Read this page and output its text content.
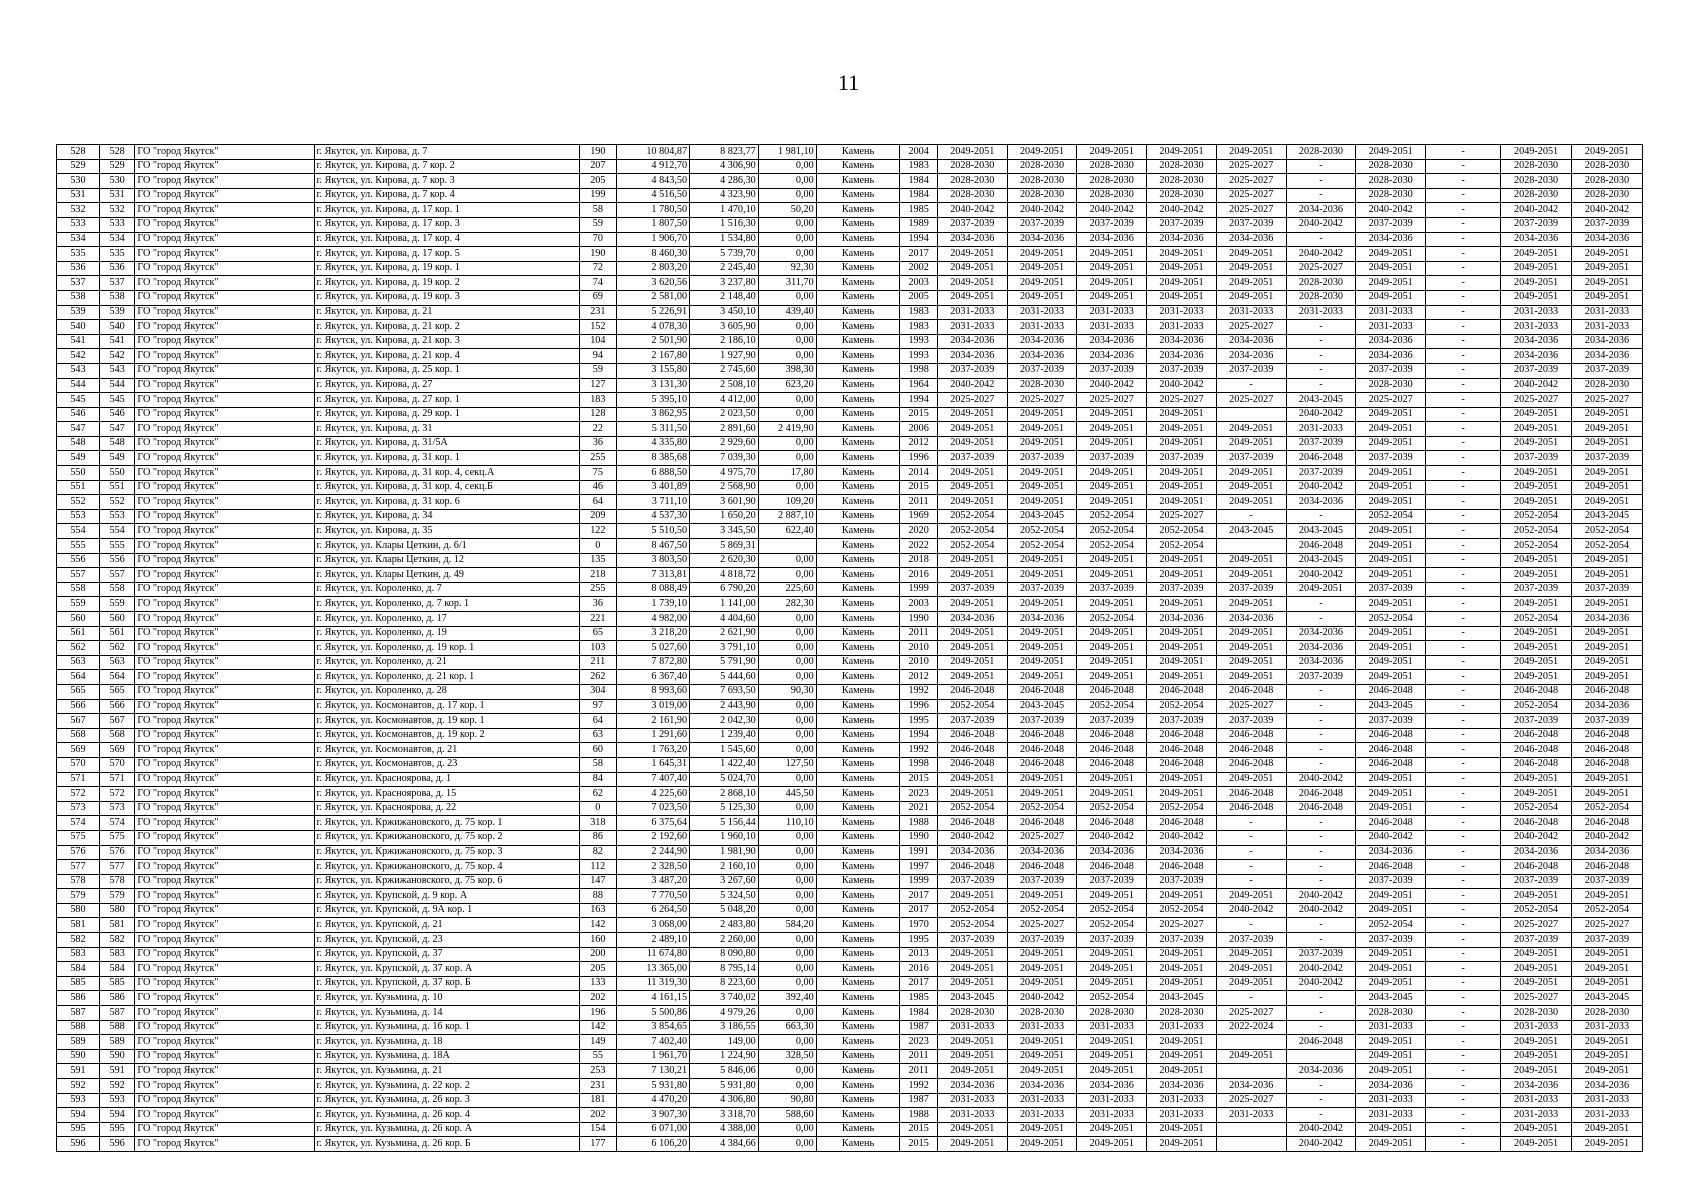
11
528	528	ГО "город Якутск"	г. Якутск, ул. Кирова, д. 7	190	10 804,87	8 823,77	1 981,10	Камень	2004	2049-2051	2049-2051	2049-2051	2049-2051	2049-2051	2028-2030	2049-2051	-	2049-2051	2049-2051
529	529	ГО "город Якутск"	г. Якутск, ул. Кирова, д. 7 кор. 2	207	4 912,70	4 306,90	0,00	Камень	1983	2028-2030	2028-2030	2028-2030	2028-2030	2025-2027	-	2028-2030	-	2028-2030	2028-2030
530	530	ГО "город Якутск"	г. Якутск, ул. Кирова, д. 7 кор. 3	205	4 843,50	4 286,30	0,00	Камень	1984	2028-2030	2028-2030	2028-2030	2028-2030	2025-2027	-	2028-2030	-	2028-2030	2028-2030
531	531	ГО "город Якутск"	г. Якутск, ул. Кирова, д. 7 кор. 4	199	4 516,50	4 323,90	0,00	Камень	1984	2028-2030	2028-2030	2028-2030	2028-2030	2025-2027	-	2028-2030	-	2028-2030	2028-2030
532	532	ГО "город Якутск"	г. Якутск, ул. Кирова, д. 17 кор. 1	58	1 780,50	1 470,10	50,20	Камень	1985	2040-2042	2040-2042	2040-2042	2040-2042	2025-2027	2034-2036	2040-2042	-	2040-2042	2040-2042
533	533	ГО "город Якутск"	г. Якутск, ул. Кирова, д. 17 кор. 3	59	1 807,50	1 516,30	0,00	Камень	1989	2037-2039	2037-2039	2037-2039	2037-2039	2037-2039	2040-2042	2037-2039	-	2037-2039	2037-2039
534	534	ГО "город Якутск"	г. Якутск, ул. Кирова, д. 17 кор. 4	70	1 906,70	1 534,80	0,00	Камень	1994	2034-2036	2034-2036	2034-2036	2034-2036	2034-2036	-	2034-2036	-	2034-2036	2034-2036
535	535	ГО "город Якутск"	г. Якутск, ул. Кирова, д. 17 кор. 5	190	8 460,30	5 739,70	0,00	Камень	2017	2049-2051	2049-2051	2049-2051	2049-2051	2049-2051	2040-2042	2049-2051	-	2049-2051	2049-2051
536	536	ГО "город Якутск"	г. Якутск, ул. Кирова, д. 19 кор. 1	72	2 803,20	2 245,40	92,30	Камень	2002	2049-2051	2049-2051	2049-2051	2049-2051	2049-2051	2025-2027	2049-2051	-	2049-2051	2049-2051
537	537	ГО "город Якутск"	г. Якутск, ул. Кирова, д. 19 кор. 2	74	3 620,56	3 237,80	311,70	Камень	2003	2049-2051	2049-2051	2049-2051	2049-2051	2049-2051	2028-2030	2049-2051	-	2049-2051	2049-2051
538	538	ГО "город Якутск"	г. Якутск, ул. Кирова, д. 19 кор. 3	69	2 581,00	2 148,40	0,00	Камень	2005	2049-2051	2049-2051	2049-2051	2049-2051	2049-2051	2028-2030	2049-2051	-	2049-2051	2049-2051
539	539	ГО "город Якутск"	г. Якутск, ул. Кирова, д. 21	231	5 226,91	3 450,10	439,40	Камень	1983	2031-2033	2031-2033	2031-2033	2031-2033	2031-2033	2031-2033	2031-2033	-	2031-2033	2031-2033
540	540	ГО "город Якутск"	г. Якутск, ул. Кирова, д. 21 кор. 2	152	4 078,30	3 605,90	0,00	Камень	1983	2031-2033	2031-2033	2031-2033	2031-2033	2025-2027	-	2031-2033	-	2031-2033	2031-2033
541	541	ГО "город Якутск"	г. Якутск, ул. Кирова, д. 21 кор. 3	104	2 501,90	2 186,10	0,00	Камень	1993	2034-2036	2034-2036	2034-2036	2034-2036	2034-2036	-	2034-2036	-	2034-2036	2034-2036
542	542	ГО "город Якутск"	г. Якутск, ул. Кирова, д. 21 кор. 4	94	2 167,80	1 927,90	0,00	Камень	1993	2034-2036	2034-2036	2034-2036	2034-2036	2034-2036	-	2034-2036	-	2034-2036	2034-2036
543	543	ГО "город Якутск"	г. Якутск, ул. Кирова, д. 25 кор. 1	59	3 155,80	2 745,60	398,30	Камень	1998	2037-2039	2037-2039	2037-2039	2037-2039	2037-2039	-	2037-2039	-	2037-2039	2037-2039
544	544	ГО "город Якутск"	г. Якутск, ул. Кирова, д. 27	127	3 131,30	2 508,10	623,20	Камень	1964	2040-2042	2028-2030	2040-2042	2040-2042	-	-	2028-2030	-	2040-2042	2028-2030
545	545	ГО "город Якутск"	г. Якутск, ул. Кирова, д. 27 кор. 1	183	5 395,10	4 412,00	0,00	Камень	1994	2025-2027	2025-2027	2025-2027	2025-2027	2025-2027	2043-2045	2025-2027	-	2025-2027	2025-2027
546	546	ГО "город Якутск"	г. Якутск, ул. Кирова, д. 29 кор. 1	128	3 862,95	2 023,50	0,00	Камень	2015	2049-2051	2049-2051	2049-2051	2049-2051		2040-2042	2049-2051	-	2049-2051	2049-2051
547	547	ГО "город Якутск"	г. Якутск, ул. Кирова, д. 31	22	5 311,50	2 891,60	2 419,90	Камень	2006	2049-2051	2049-2051	2049-2051	2049-2051	2049-2051	2031-2033	2049-2051	-	2049-2051	2049-2051
548	548	ГО "город Якутск"	г. Якутск, ул. Кирова, д. 31/5А	36	4 335,80	2 929,60	0,00	Камень	2012	2049-2051	2049-2051	2049-2051	2049-2051	2049-2051	2037-2039	2049-2051	-	2049-2051	2049-2051
549	549	ГО "город Якутск"	г. Якутск, ул. Кирова, д. 31 кор. 1	255	8 385,68	7 039,30	0,00	Камень	1996	2037-2039	2037-2039	2037-2039	2037-2039	2037-2039	2046-2048	2037-2039	-	2037-2039	2037-2039
550	550	ГО "город Якутск"	г. Якутск, ул. Кирова, д. 31 кор. 4, секц.А	75	6 888,50	4 975,70	17,80	Камень	2014	2049-2051	2049-2051	2049-2051	2049-2051	2049-2051	2037-2039	2049-2051	-	2049-2051	2049-2051
551	551	ГО "город Якутск"	г. Якутск, ул. Кирова, д. 31 кор. 4, секц.Б	46	3 401,89	2 568,90	0,00	Камень	2015	2049-2051	2049-2051	2049-2051	2049-2051	2049-2051	2040-2042	2049-2051	-	2049-2051	2049-2051
552	552	ГО "город Якутск"	г. Якутск, ул. Кирова, д. 31 кор. 6	64	3 711,10	3 601,90	109,20	Камень	2011	2049-2051	2049-2051	2049-2051	2049-2051	2049-2051	2034-2036	2049-2051	-	2049-2051	2049-2051
553	553	ГО "город Якутск"	г. Якутск, ул. Кирова, д. 34	209	4 537,30	1 650,20	2 887,10	Камень	1969	2052-2054	2043-2045	2052-2054	2025-2027	-	-	2052-2054	-	2052-2054	2043-2045
554	554	ГО "город Якутск"	г. Якутск, ул. Кирова, д. 35	122	5 510,50	3 345,50	622,40	Камень	2020	2052-2054	2052-2054	2052-2054	2052-2054	2043-2045	2043-2045	2049-2051	-	2052-2054	2052-2054
555	555	ГО "город Якутск"	г. Якутск, ул. Клары Цеткин, д. 6/1	0	8 467,50	5 869,31		Камень	2022	2052-2054	2052-2054	2052-2054	2052-2054		2046-2048	2049-2051	-	2052-2054	2052-2054
556	556	ГО "город Якутск"	г. Якутск, ул. Клары Цеткин, д. 12	135	3 803,50	2 620,30	0,00	Камень	2018	2049-2051	2049-2051	2049-2051	2049-2051	2049-2051	2043-2045	2049-2051	-	2049-2051	2049-2051
557	557	ГО "город Якутск"	г. Якутск, ул. Клары Цеткин, д. 49	218	7 313,81	4 818,72	0,00	Камень	2016	2049-2051	2049-2051	2049-2051	2049-2051	2049-2051	2040-2042	2049-2051	-	2049-2051	2049-2051
558	558	ГО "город Якутск"	г. Якутск, ул. Короленко, д. 7	255	8 088,49	6 790,20	225,60	Камень	1999	2037-2039	2037-2039	2037-2039	2037-2039	2037-2039	2049-2051	2037-2039	-	2037-2039	2037-2039
559	559	ГО "город Якутск"	г. Якутск, ул. Короленко, д. 7 кор. 1	36	1 739,10	1 141,00	282,30	Камень	2003	2049-2051	2049-2051	2049-2051	2049-2051	2049-2051	-	2049-2051	-	2049-2051	2049-2051
560	560	ГО "город Якутск"	г. Якутск, ул. Короленко, д. 17	221	4 982,00	4 404,60	0,00	Камень	1990	2034-2036	2034-2036	2052-2054	2034-2036	2034-2036	-	2052-2054	-	2052-2054	2034-2036
561	561	ГО "город Якутск"	г. Якутск, ул. Короленко, д. 19	65	3 218,20	2 621,90	0,00	Камень	2011	2049-2051	2049-2051	2049-2051	2049-2051	2049-2051	2034-2036	2049-2051	-	2049-2051	2049-2051
562	562	ГО "город Якутск"	г. Якутск, ул. Короленко, д. 19 кор. 1	103	5 027,60	3 791,10	0,00	Камень	2010	2049-2051	2049-2051	2049-2051	2049-2051	2049-2051	2034-2036	2049-2051	-	2049-2051	2049-2051
563	563	ГО "город Якутск"	г. Якутск, ул. Короленко, д. 21	211	7 872,80	5 791,90	0,00	Камень	2010	2049-2051	2049-2051	2049-2051	2049-2051	2049-2051	2034-2036	2049-2051	-	2049-2051	2049-2051
564	564	ГО "город Якутск"	г. Якутск, ул. Короленко, д. 21 кор. 1	262	6 367,40	5 444,60	0,00	Камень	2012	2049-2051	2049-2051	2049-2051	2049-2051	2049-2051	2037-2039	2049-2051	-	2049-2051	2049-2051
565	565	ГО "город Якутск"	г. Якутск, ул. Короленко, д. 28	304	8 993,60	7 693,50	90,30	Камень	1992	2046-2048	2046-2048	2046-2048	2046-2048	2046-2048	-	2046-2048	-	2046-2048	2046-2048
566	566	ГО "город Якутск"	г. Якутск, ул. Космонавтов, д. 17 кор. 1	97	3 019,00	2 443,90	0,00	Камень	1996	2052-2054	2043-2045	2052-2054	2052-2054	2025-2027	-	2043-2045	-	2052-2054	2034-2036
567	567	ГО "город Якутск"	г. Якутск, ул. Космонавтов, д. 19 кор. 1	64	2 161,90	2 042,30	0,00	Камень	1995	2037-2039	2037-2039	2037-2039	2037-2039	2037-2039	-	2037-2039	-	2037-2039	2037-2039
568	568	ГО "город Якутск"	г. Якутск, ул. Космонавтов, д. 19 кор. 2	63	1 291,60	1 239,40	0,00	Камень	1994	2046-2048	2046-2048	2046-2048	2046-2048	2046-2048	-	2046-2048	-	2046-2048	2046-2048
569	569	ГО "город Якутск"	г. Якутск, ул. Космонавтов, д. 21	60	1 763,20	1 545,60	0,00	Камень	1992	2046-2048	2046-2048	2046-2048	2046-2048	2046-2048	-	2046-2048	-	2046-2048	2046-2048
570	570	ГО "город Якутск"	г. Якутск, ул. Космонавтов, д. 23	58	1 645,31	1 422,40	127,50	Камень	1998	2046-2048	2046-2048	2046-2048	2046-2048	2046-2048	-	2046-2048	-	2046-2048	2046-2048
571	571	ГО "город Якутск"	г. Якутск, ул. Красноярова, д. 1	84	7 407,40	5 024,70	0,00	Камень	2015	2049-2051	2049-2051	2049-2051	2049-2051	2049-2051	2040-2042	2049-2051	-	2049-2051	2049-2051
572	572	ГО "город Якутск"	г. Якутск, ул. Красноярова, д. 15	62	4 225,60	2 868,10	445,50	Камень	2023	2049-2051	2049-2051	2049-2051	2049-2051	2046-2048	2046-2048	2049-2051	-	2049-2051	2049-2051
573	573	ГО "город Якутск"	г. Якутск, ул. Красноярова, д. 22	0	7 023,50	5 125,30	0,00	Камень	2021	2052-2054	2052-2054	2052-2054	2052-2054	2046-2048	2046-2048	2049-2051	-	2052-2054	2052-2054
574	574	ГО "город Якутск"	г. Якутск, ул. Кржижановского, д. 75 кор. 1	318	6 375,64	5 156,44	110,10	Камень	1988	2046-2048	2046-2048	2046-2048	2046-2048	-	-	2046-2048	-	2046-2048	2046-2048
575	575	ГО "город Якутск"	г. Якутск, ул. Кржижановского, д. 75 кор. 2	86	2 192,60	1 960,10	0,00	Камень	1990	2040-2042	2025-2027	2040-2042	2040-2042	-	-	2040-2042	-	2040-2042	2040-2042
576	576	ГО "город Якутск"	г. Якутск, ул. Кржижановского, д. 75 кор. 3	82	2 244,90	1 981,90	0,00	Камень	1991	2034-2036	2034-2036	2034-2036	2034-2036	-	-	2034-2036	-	2034-2036	2034-2036
577	577	ГО "город Якутск"	г. Якутск, ул. Кржижановского, д. 75 кор. 4	112	2 328,50	2 160,10	0,00	Камень	1997	2046-2048	2046-2048	2046-2048	2046-2048	-	-	2046-2048	-	2046-2048	2046-2048
578	578	ГО "город Якутск"	г. Якутск, ул. Кржижановского, д. 75 кор. 6	147	3 487,20	3 267,60	0,00	Камень	1999	2037-2039	2037-2039	2037-2039	2037-2039	-	-	2037-2039	-	2037-2039	2037-2039
579	579	ГО "город Якутск"	г. Якутск, ул. Крупской, д. 9 кор. А	88	7 770,50	5 324,50	0,00	Камень	2017	2049-2051	2049-2051	2049-2051	2049-2051	2049-2051	2040-2042	2049-2051	-	2049-2051	2049-2051
580	580	ГО "город Якутск"	г. Якутск, ул. Крупской, д. 9А кор. 1	163	6 264,50	5 048,20	0,00	Камень	2017	2052-2054	2052-2054	2052-2054	2052-2054	2040-2042	2040-2042	2049-2051	-	2052-2054	2052-2054
581	581	ГО "город Якутск"	г. Якутск, ул. Крупской, д. 21	142	3 068,00	2 483,80	584,20	Камень	1970	2052-2054	2025-2027	2052-2054	2025-2027	-	-	2052-2054	-	2025-2027	2025-2027
582	582	ГО "город Якутск"	г. Якутск, ул. Крупской, д. 23	160	2 489,10	2 260,00	0,00	Камень	1995	2037-2039	2037-2039	2037-2039	2037-2039	2037-2039	-	2037-2039	-	2037-2039	2037-2039
583	583	ГО "город Якутск"	г. Якутск, ул. Крупской, д. 37	200	11 674,80	8 090,80	0,00	Камень	2013	2049-2051	2049-2051	2049-2051	2049-2051	2049-2051	2037-2039	2049-2051	-	2049-2051	2049-2051
584	584	ГО "город Якутск"	г. Якутск, ул. Крупской, д. 37 кор. А	205	13 365,00	8 795,14	0,00	Камень	2016	2049-2051	2049-2051	2049-2051	2049-2051	2049-2051	2040-2042	2049-2051	-	2049-2051	2049-2051
585	585	ГО "город Якутск"	г. Якутск, ул. Крупской, д. 37 кор. Б	133	11 319,30	8 223,60	0,00	Камень	2017	2049-2051	2049-2051	2049-2051	2049-2051	2049-2051	2040-2042	2049-2051	-	2049-2051	2049-2051
586	586	ГО "город Якутск"	г. Якутск, ул. Кузьмина, д. 10	202	4 161,15	3 740,02	392,40	Камень	1985	2043-2045	2040-2042	2052-2054	2043-2045	-	-	2043-2045	-	2025-2027	2043-2045
587	587	ГО "город Якутск"	г. Якутск, ул. Кузьмина, д. 14	196	5 500,86	4 979,26	0,00	Камень	1984	2028-2030	2028-2030	2028-2030	2028-2030	2025-2027	-	2028-2030	-	2028-2030	2028-2030
588	588	ГО "город Якутск"	г. Якутск, ул. Кузьмина, д. 16 кор. 1	142	3 854,65	3 186,55	663,30	Камень	1987	2031-2033	2031-2033	2031-2033	2031-2033	2022-2024	-	2031-2033	-	2031-2033	2031-2033
589	589	ГО "город Якутск"	г. Якутск, ул. Кузьмина, д. 18	149	7 402,40	149,00	0,00	Камень	2023	2049-2051	2049-2051	2049-2051	2049-2051		2046-2048	2049-2051	-	2049-2051	2049-2051
590	590	ГО "город Якутск"	г. Якутск, ул. Кузьмина, д. 18А	55	1 961,70	1 224,90	328,50	Камень	2011	2049-2051	2049-2051	2049-2051	2049-2051	2049-2051		2049-2051	-	2049-2051	2049-2051
591	591	ГО "город Якутск"	г. Якутск, ул. Кузьмина, д. 21	253	7 130,21	5 846,06	0,00	Камень	2011	2049-2051	2049-2051	2049-2051	2049-2051		2034-2036	2049-2051	-	2049-2051	2049-2051
592	592	ГО "город Якутск"	г. Якутск, ул. Кузьмина, д. 22 кор. 2	231	5 931,80	5 931,80	0,00	Камень	1992	2034-2036	2034-2036	2034-2036	2034-2036	2034-2036	-	2034-2036	-	2034-2036	2034-2036
593	593	ГО "город Якутск"	г. Якутск, ул. Кузьмина, д. 26 кор. 3	181	4 470,20	4 306,80	90,80	Камень	1987	2031-2033	2031-2033	2031-2033	2031-2033	2025-2027	-	2031-2033	-	2031-2033	2031-2033
594	594	ГО "город Якутск"	г. Якутск, ул. Кузьмина, д. 26 кор. 4	202	3 907,30	3 318,70	588,60	Камень	1988	2031-2033	2031-2033	2031-2033	2031-2033	2031-2033	-	2031-2033	-	2031-2033	2031-2033
595	595	ГО "город Якутск"	г. Якутск, ул. Кузьмина, д. 26 кор. А	154	6 071,00	4 388,00	0,00	Камень	2015	2049-2051	2049-2051	2049-2051	2049-2051		2040-2042	2049-2051	-	2049-2051	2049-2051
596	596	ГО "город Якутск"	г. Якутск, ул. Кузьмина, д. 26 кор. Б	177	6 106,20	4 384,66	0,00	Камень	2015	2049-2051	2049-2051	2049-2051	2049-2051		2040-2042	2049-2051	-	2049-2051	2049-2051
